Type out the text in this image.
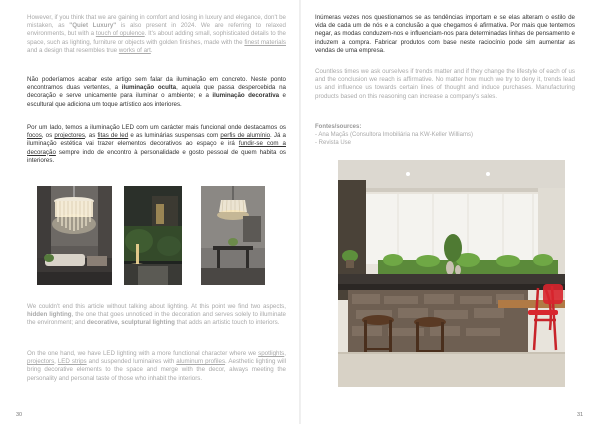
However, if you think that we are gaining in comfort and losing in luxury and elegance, don't be mistaken, as "Quiet Luxury" is also present in 2024. We are referring to relaxed environments, but with a touch of opulence. It's about adding small, sophisticated details to the space, such as lighting, furniture or objects with golden finishes, made with the finest materials and a design that resembles true works of art.

Não poderíamos acabar este artigo sem falar da iluminação em concreto. Neste ponto encontramos duas vertentes, a iluminação oculta, aquela que passa despercebida na decoração e serve unicamente para iluminar o ambiente; e a iluminação decorativa e escultural que adiciona um toque artístico aos interiores.

Por um lado, temos a iluminação LED com um carácter mais funcional onde destacamos os focos, os projectores, as fitas de led e as luminárias suspensas com perfis de alumínio. Já a iluminação estética vai trazer elementos decorativos ao espaço e irá fundir-se com a decoração sempre indo de encontro à personalidade e gosto pessoal de quem habita os interiores.

We couldn't end this article without talking about lighting. At this point we find two aspects, hidden lighting, the one that goes unnoticed in the decoration and serves solely to illuminate the environment; and decorative, sculptural lighting that adds an artistic touch to interiors.

On the one hand, we have LED lighting with a more functional character where we spotlights, projectors, LED strips and suspended luminaires with aluminum profiles. Aesthetic lighting will bring decorative elements to the space and merge with the decor, always meeting the personality and personal taste of those who inhabit the interiors.

30

Inúmeras vezes nos questionamos se as tendências importam e se elas alteram o estilo de vida de cada um de nós e a conclusão a que chegamos é afirmativa. Por mais que tentemos negar, as modas conduzem-nos e influenciam-nos para determinadas linhas de pensamento e induzem a compra. Fabricar produtos com base neste raciocínio pode sim aumentar as vendas de uma empresa.

Countless times we ask ourselves if trends matter and if they change the lifestyle of each of us and the conclusion we reach is affirmative. No matter how much we try to deny it, trends lead us and influence us towards certain lines of thought and induce purchases. Manufacturing products based on this reasoning can increase a company's sales.

Fontes/sources:
- Ana Maçãs (Consultora Imobiliária na KW-Keller Williams)
- Revista Use
31
